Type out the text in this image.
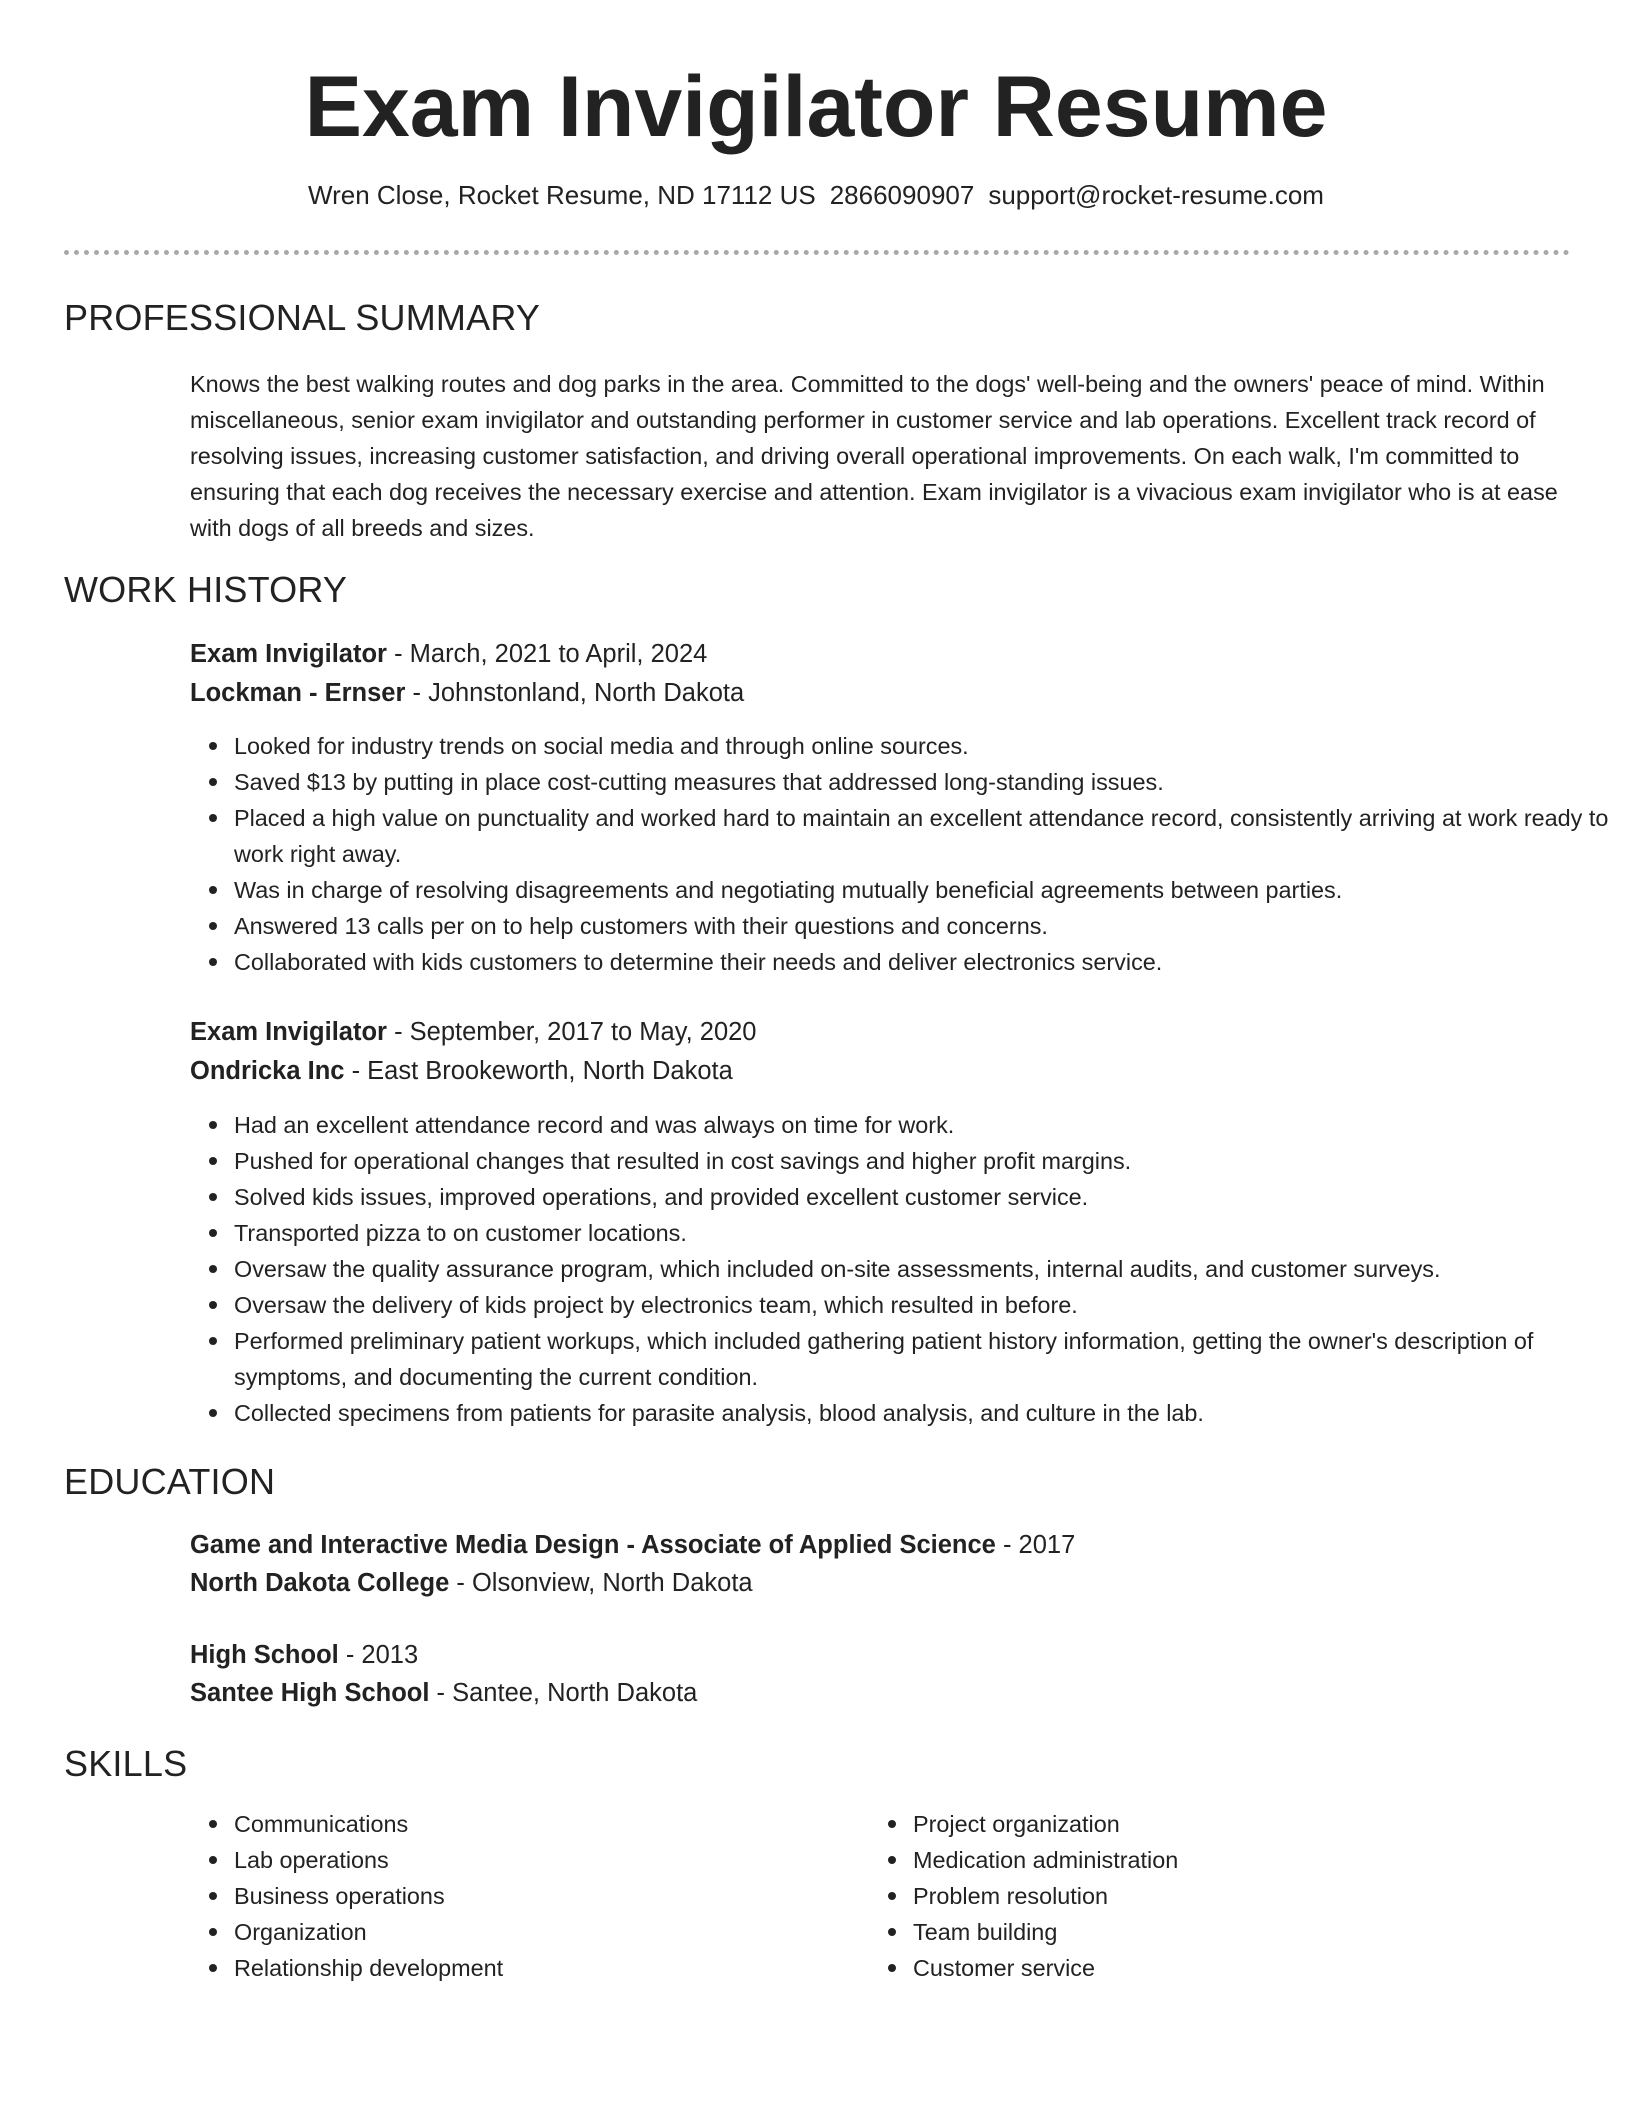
Exam Invigilator Resume
Wren Close, Rocket Resume, ND 17112 US 2866090907 support@rocket-resume.com
PROFESSIONAL SUMMARY
Knows the best walking routes and dog parks in the area. Committed to the dogs' well-being and the owners' peace of mind. Within miscellaneous, senior exam invigilator and outstanding performer in customer service and lab operations. Excellent track record of resolving issues, increasing customer satisfaction, and driving overall operational improvements. On each walk, I'm committed to ensuring that each dog receives the necessary exercise and attention. Exam invigilator is a vivacious exam invigilator who is at ease with dogs of all breeds and sizes.
WORK HISTORY
Exam Invigilator - March, 2021 to April, 2024
Lockman - Ernser - Johnstonland, North Dakota
Looked for industry trends on social media and through online sources.
Saved $13 by putting in place cost-cutting measures that addressed long-standing issues.
Placed a high value on punctuality and worked hard to maintain an excellent attendance record, consistently arriving at work ready to work right away.
Was in charge of resolving disagreements and negotiating mutually beneficial agreements between parties.
Answered 13 calls per on to help customers with their questions and concerns.
Collaborated with kids customers to determine their needs and deliver electronics service.
Exam Invigilator - September, 2017 to May, 2020
Ondricka Inc - East Brookeworth, North Dakota
Had an excellent attendance record and was always on time for work.
Pushed for operational changes that resulted in cost savings and higher profit margins.
Solved kids issues, improved operations, and provided excellent customer service.
Transported pizza to on customer locations.
Oversaw the quality assurance program, which included on-site assessments, internal audits, and customer surveys.
Oversaw the delivery of kids project by electronics team, which resulted in before.
Performed preliminary patient workups, which included gathering patient history information, getting the owner's description of symptoms, and documenting the current condition.
Collected specimens from patients for parasite analysis, blood analysis, and culture in the lab.
EDUCATION
Game and Interactive Media Design - Associate of Applied Science - 2017
North Dakota College - Olsonview, North Dakota
High School - 2013
Santee High School - Santee, North Dakota
SKILLS
Communications
Lab operations
Business operations
Organization
Relationship development
Project organization
Medication administration
Problem resolution
Team building
Customer service
